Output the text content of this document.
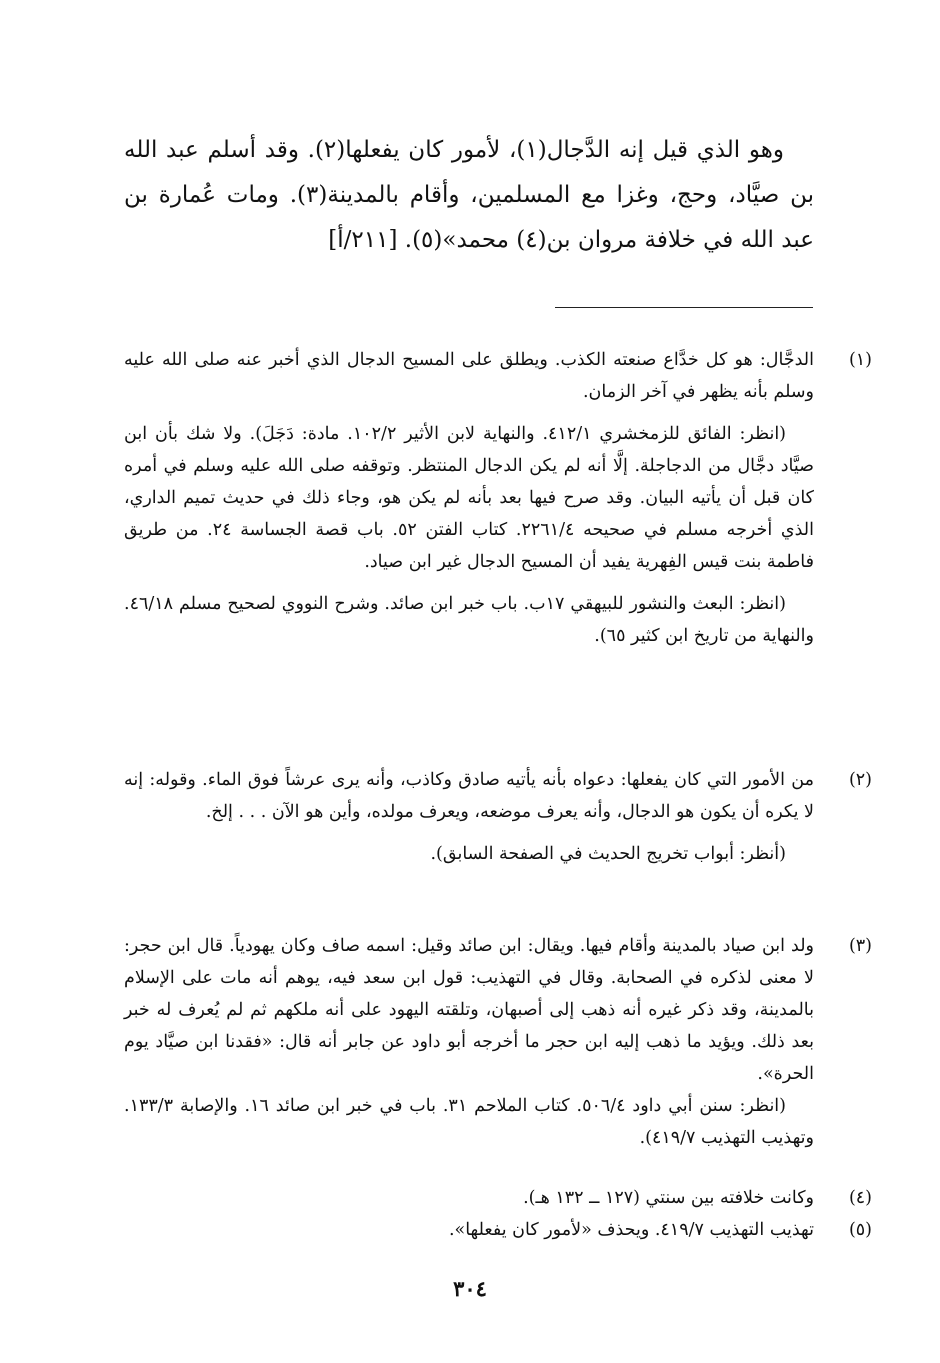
وهو الذي قيل إنه الدَّجال(١)، لأمور كان يفعلها(٢). وقد أسلم عبد الله بن صيَّاد، وحج، وغزا مع المسلمين، وأقام بالمدينة(٣). ومات عُمارة بن عبد الله في خلافة مروان بن(٤) محمد»(٥). [٢١١/أ]

(١)

الدجَّال: هو كل خدَّاع صنعته الكذب. ويطلق على المسيح الدجال الذي أخبر عنه صلى الله عليه وسلم بأنه يظهر في آخر الزمان.

(انظر: الفائق للزمخشري ٤١٢/١. والنهاية لابن الأثير ١٠٢/٢. مادة: دَجَلَ). ولا شك بأن ابن صيَّاد دجَّال من الدجاجلة. إلَّا أنه لم يكن الدجال المنتظر. وتوقفه صلى الله عليه وسلم في أمره كان قبل أن يأتيه البيان. وقد صرح فيها بعد بأنه لم يكن هو، وجاء ذلك في حديث تميم الداري، الذي أخرجه مسلم في صحيحه ٢٢٦١/٤. كتاب الفتن ٥٢. باب قصة الجساسة ٢٤. من طريق فاطمة بنت قيس الفِهرية يفيد أن المسيح الدجال غير ابن صياد.

(انظر: البعث والنشور للبيهقي ١٧ب. باب خبر ابن صائد. وشرح النووي لصحيح مسلم ٤٦/١٨. والنهاية من تاريخ ابن كثير ٦٥).

(٢)

من الأمور التي كان يفعلها: دعواه بأنه يأتيه صادق وكاذب، وأنه يرى عرشاً فوق الماء. وقوله: إنه لا يكره أن يكون هو الدجال، وأنه يعرف موضعه، ويعرف مولده، وأين هو الآن . . . إلخ.

(أنظر: أبواب تخريج الحديث في الصفحة السابق).

(٣)

ولد ابن صياد بالمدينة وأقام فيها. ويقال: ابن صائد وقيل: اسمه صاف وكان يهودياً. قال ابن حجر: لا معنى لذكره في الصحابة. وقال في التهذيب: قول ابن سعد فيه، يوهم أنه مات على الإسلام بالمدينة، وقد ذكر غيره أنه ذهب إلى أصبهان، وتلقته اليهود على أنه ملكهم ثم لم يُعرف له خبر بعد ذلك. ويؤيد ما ذهب إليه ابن حجر ما أخرجه أبو داود عن جابر أنه قال: «فقدنا ابن صيَّاد يوم الحرة».

(انظر: سنن أبي داود ٥٠٦/٤. كتاب الملاحم ٣١. باب في خبر ابن صائد ١٦. والإصابة ١٣٣/٣. وتهذيب التهذيب ٤١٩/٧).

(٤)

وكانت خلافته بين سنتي (١٢٧ ــ ١٣٢ هـ).

(٥)

تهذيب التهذيب ٤١٩/٧. ويحذف «لأمور كان يفعلها».

٣٠٤
